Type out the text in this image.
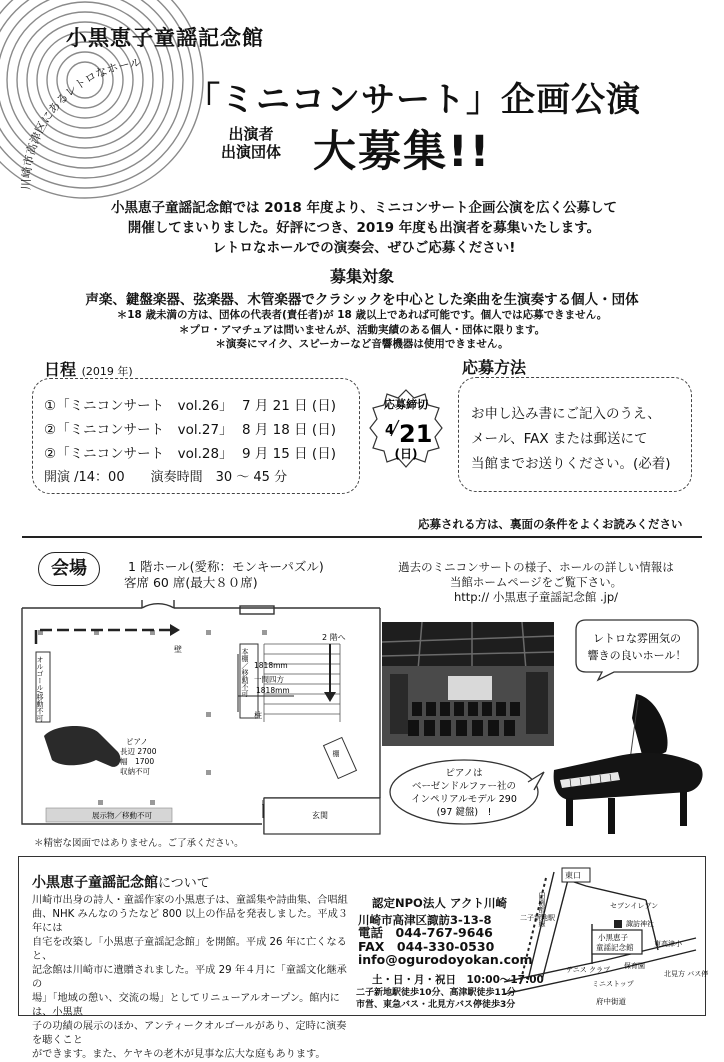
小黒恵子童謡記念館
川崎市高津区にあるレトロなホール
「ミニコンサート」企画公演
出演者
出演団体 大募集!!
小黒恵子童謡記念館では 2018 年度より、ミニコンサート企画公演を広く公募して
開催してまいりました。好評につき、2019 年度も出演者を募集いたします。
レトロなホールでの演奏会、ぜひご応募ください!
募集対象
声楽、鍵盤楽器、弦楽器、木管楽器でクラシックを中心とした楽曲を生演奏する個人・団体
＊18 歳未満の方は、団体の代表者(責任者)が 18 歳以上であれば可能です。個人では応募できません。
＊プロ・アマチュアは問いませんが、活動実績のある個人・団体に限ります。
＊演奏にマイク、スピーカーなど音響機器は使用できません。
日程 (2019 年)
①「ミニコンサート　vol.26」 7 月 21 日 (日)
②「ミニコンサート　vol.27」 8 月 18 日 (日)
②「ミニコンサート　vol.28」 9 月 15 日 (日)
開演 /14：00　　演奏時間　30 ～ 45 分
応募締切
4 21
(日)
応募方法
お申し込み書にご記入のうえ、
メール、FAX または郵送にて
当館までお送りください。(必着)
応募される方は、裏面の条件をよくお読みください
会場	1 階ホール(愛称：モンキーパズル)
客席 60 席(最大８０席)
過去のミニコンサートの様子、ホールの詳しい情報は
当館ホームページをご覧下さい。
http:// 小黒恵子童謡記念館 .jp/
壁
オルゴール/移動不可	本棚／移動不可
2 階へ
1818mm
一間四方
1818mm
柱
ピアノ
長辺 2700
幅　1700
収納不可
棚
展示物／移動不可	玄関
＊精密な図面ではありません。ご了承ください。
レトロな雰囲気の
響きの良いホール！
ピアノは
ベーゼンドルファー社の
インペリアルモデル 290
(97 鍵盤)　!
小黒恵子童謡記念館について
川崎市出身の詩人・童謡作家の小黒恵子は、童謡集や詩曲集、合唱組
曲、NHK みんなのうたなど 800 以上の作品を発表しました。平成３年には
自宅を改築し「小黒恵子童謡記念館」を開館。平成 26 年に亡くなると、
記念館は川崎市に遺贈されました。平成 29 年４月に「童謡文化継承の
場」「地域の憩い、交流の場」としてリニューアルオープン。館内には、小黒恵
子の功績の展示のほか、アンティークオルゴールがあり、定時に演奏を聴くこと
ができます。また、ケヤキの老木が見事な広大な庭もあります。
認定NPO法人 アクト川崎
川崎市高津区諏訪3-13-8
電話　044-767-9646
FAX　044-330-0530
info@ogurodoyokan.com
土・日・月・祝日　10:00～17:00
二子新地駅徒歩10分、高津駅徒歩11分
市営、東急バス・北見方バス停徒歩3分
東口
田園都市線
二子新地駅
セブンイレブン
諏訪神社
小黒恵子
童謡記念館	東高津小
保育園
テニス クラブ
ミニストップ
北見方 バス停
府中街道
